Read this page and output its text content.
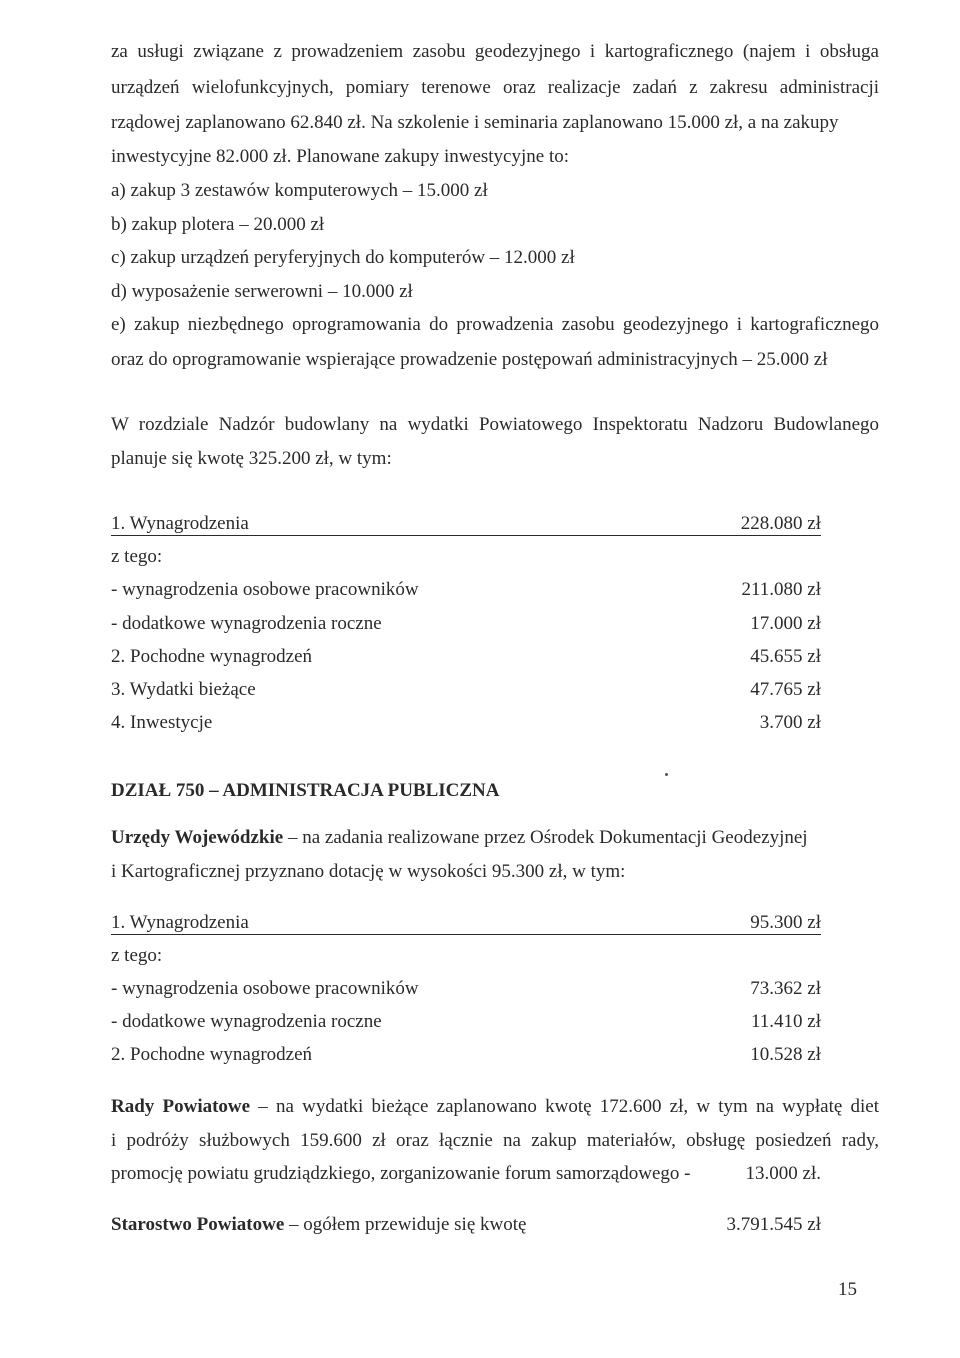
za usługi związane z prowadzeniem zasobu geodezyjnego i kartograficznego (najem i obsługa
urządzeń wielofunkcyjnych, pomiary terenowe oraz realizacje zadań z zakresu administracji
rządowej zaplanowano 62.840 zł. Na szkolenie i seminaria zaplanowano 15.000 zł, a na zakupy
inwestycyjne 82.000 zł. Planowane zakupy inwestycyjne to:
a) zakup 3 zestawów komputerowych – 15.000 zł
b) zakup plotera – 20.000 zł
c) zakup urządzeń peryferyjnych do komputerów – 12.000 zł
d) wyposażenie serwerowni – 10.000 zł
e) zakup niezbędnego oprogramowania do prowadzenia zasobu geodezyjnego i kartograficznego
oraz do oprogramowanie wspierające prowadzenie postępowań administracyjnych – 25.000 zł
W rozdziale Nadzór budowlany na wydatki Powiatowego Inspektoratu Nadzoru Budowlanego
planuje się kwotę 325.200 zł, w tym:
1. Wynagrodzenia	228.080 zł
z tego:
- wynagrodzenia osobowe pracowników	211.080 zł
- dodatkowe wynagrodzenia roczne	17.000 zł
2. Pochodne wynagrodzeń	45.655 zł
3. Wydatki bieżące	47.765 zł
4. Inwestycje	3.700 zł
DZIAŁ 750 – ADMINISTRACJA PUBLICZNA
Urzędy Wojewódzkie – na zadania realizowane przez Ośrodek Dokumentacji Geodezyjnej
i Kartograficznej przyznano dotację w wysokości 95.300 zł, w tym:
1. Wynagrodzenia	95.300 zł
z tego:
- wynagrodzenia osobowe pracowników	73.362 zł
- dodatkowe wynagrodzenia roczne	11.410 zł
2. Pochodne wynagrodzeń	10.528 zł
Rady Powiatowe – na wydatki bieżące zaplanowano kwotę 172.600 zł, w tym na wypłatę diet
i podróży służbowych 159.600 zł oraz łącznie na zakup materiałów, obsługę posiedzeń rady,
promocję powiatu grudziądzkiego, zorganizowanie forum samorządowego -	13.000 zł.
Starostwo Powiatowe – ogółem przewiduje się kwotę	3.791.545 zł
15
